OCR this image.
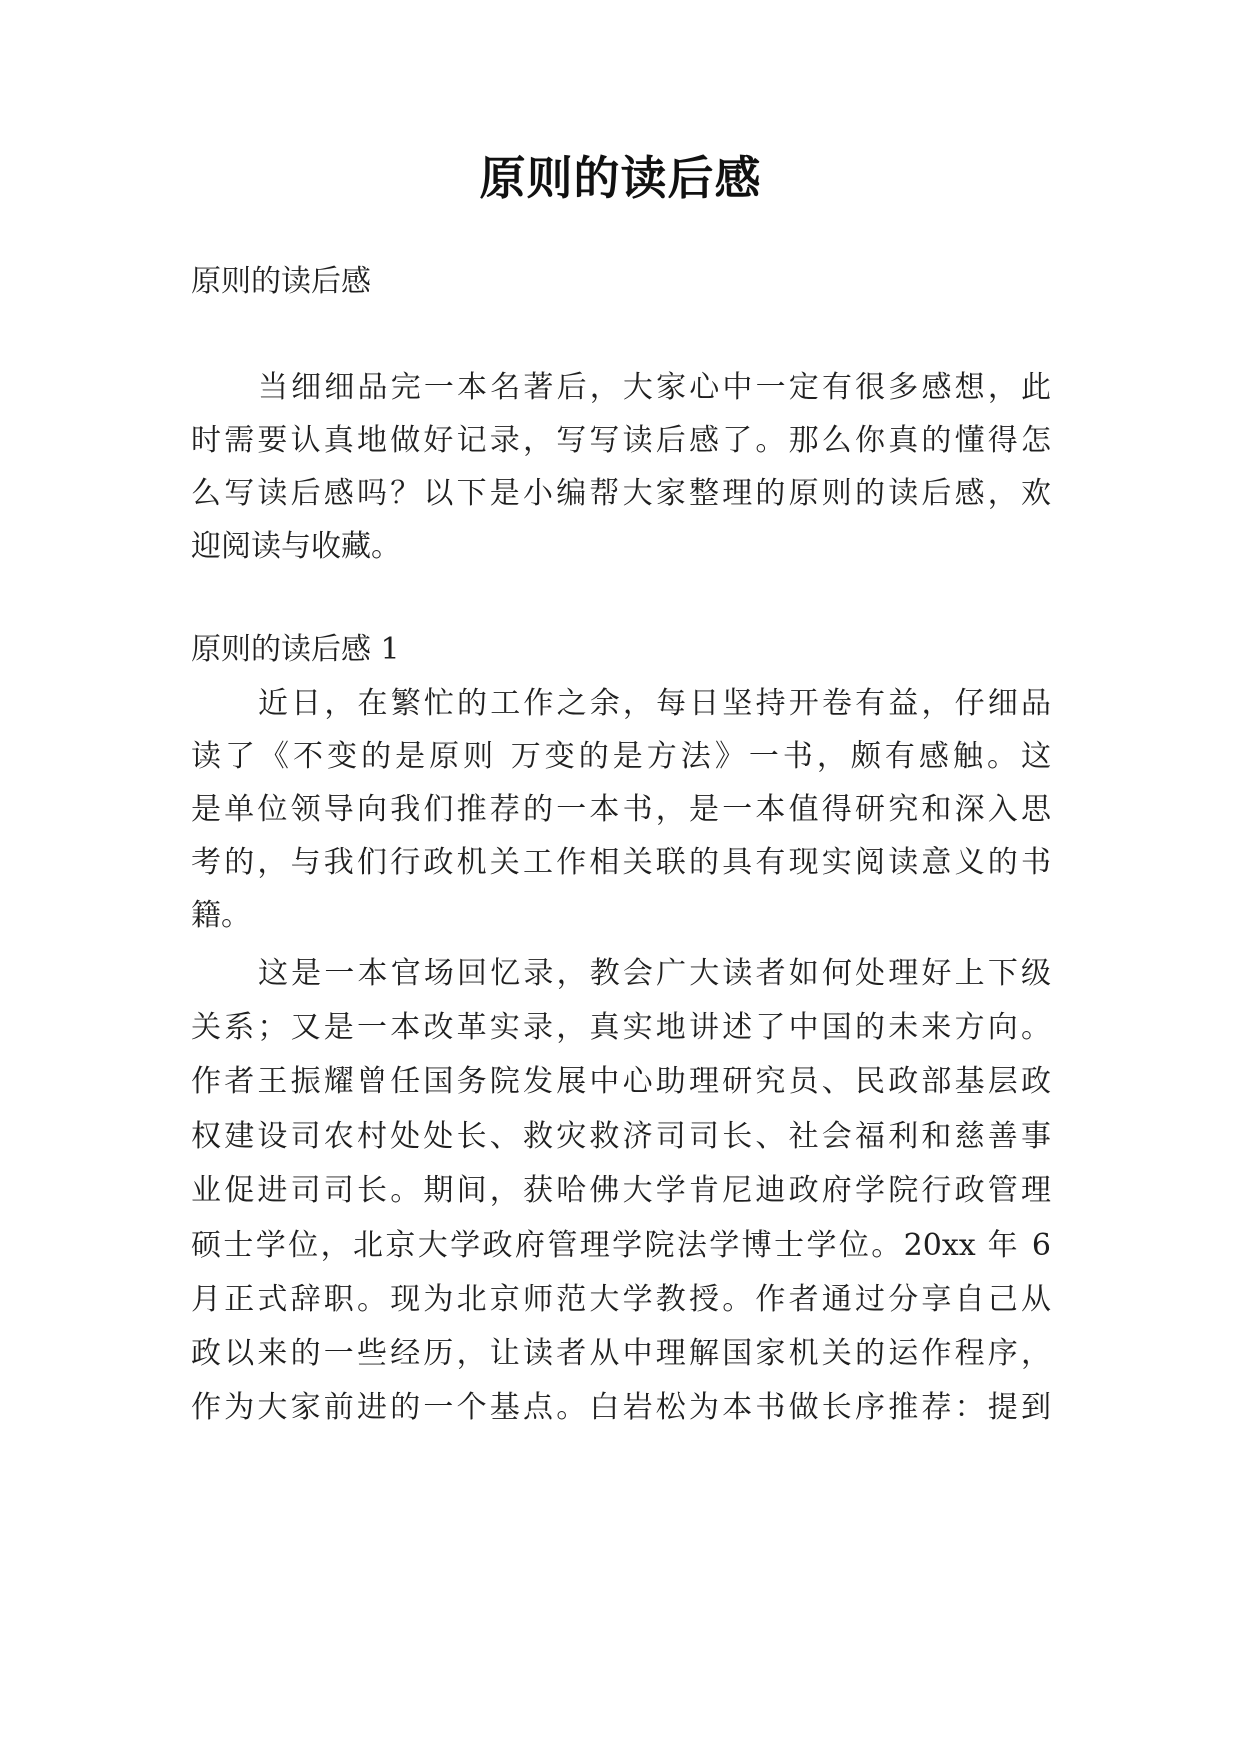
原则的读后感
原则的读后感
当细细品完一本名著后，大家心中一定有很多感想，此
时需要认真地做好记录，写写读后感了。那么你真的懂得怎
么写读后感吗？以下是小编帮大家整理的原则的读后感，欢
迎阅读与收藏。
原则的读后感 1
近日，在繁忙的工作之余，每日坚持开卷有益，仔细品
读了《不变的是原则 万变的是方法》一书，颇有感触。这
是单位领导向我们推荐的一本书，是一本值得研究和深入思
考的，与我们行政机关工作相关联的具有现实阅读意义的书
籍。
这是一本官场回忆录，教会广大读者如何处理好上下级
关系；又是一本改革实录，真实地讲述了中国的未来方向。
作者王振耀曾任国务院发展中心助理研究员、民政部基层政
权建设司农村处处长、救灾救济司司长、社会福利和慈善事
业促进司司长。期间，获哈佛大学肯尼迪政府学院行政管理
硕士学位，北京大学政府管理学院法学博士学位。20xx 年 6
月正式辞职。现为北京师范大学教授。作者通过分享自己从
政以来的一些经历，让读者从中理解国家机关的运作程序，
作为大家前进的一个基点。白岩松为本书做长序推荐：提到
